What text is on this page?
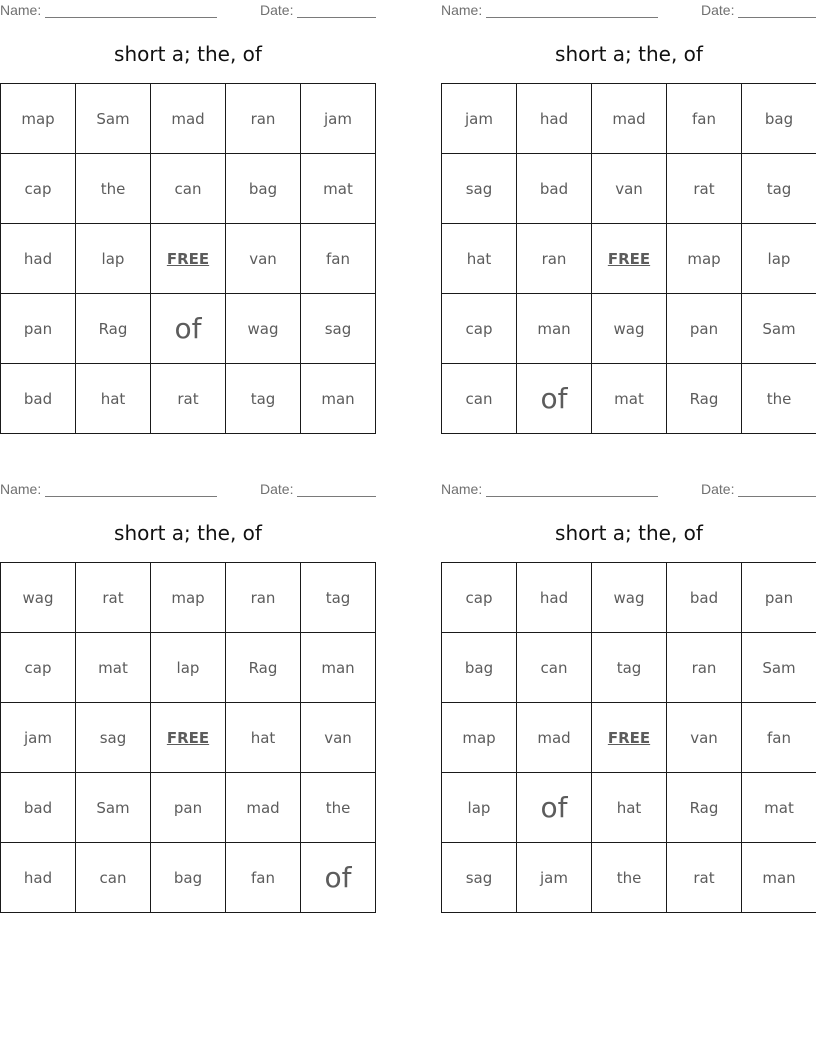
Name:	Date:
short a; the, of
map	Sam	mad	ran	jam
cap	the	can	bag	mat
had	lap	FREE	van	fan
pan	Rag	of	wag	sag
bad	hat	rat	tag	man
Name:	Date:
short a; the, of
jam	had	mad	fan	bag
sag	bad	van	rat	tag
hat	ran	FREE	map	lap
cap	man	wag	pan	Sam
can	of	mat	Rag	the
Name:	Date:
short a; the, of
wag	rat	map	ran	tag
cap	mat	lap	Rag	man
jam	sag	FREE	hat	van
bad	Sam	pan	mad	the
had	can	bag	fan	of
Name:	Date:
short a; the, of
cap	had	wag	bad	pan
bag	can	tag	ran	Sam
map	mad	FREE	van	fan
lap	of	hat	Rag	mat
sag	jam	the	rat	man
